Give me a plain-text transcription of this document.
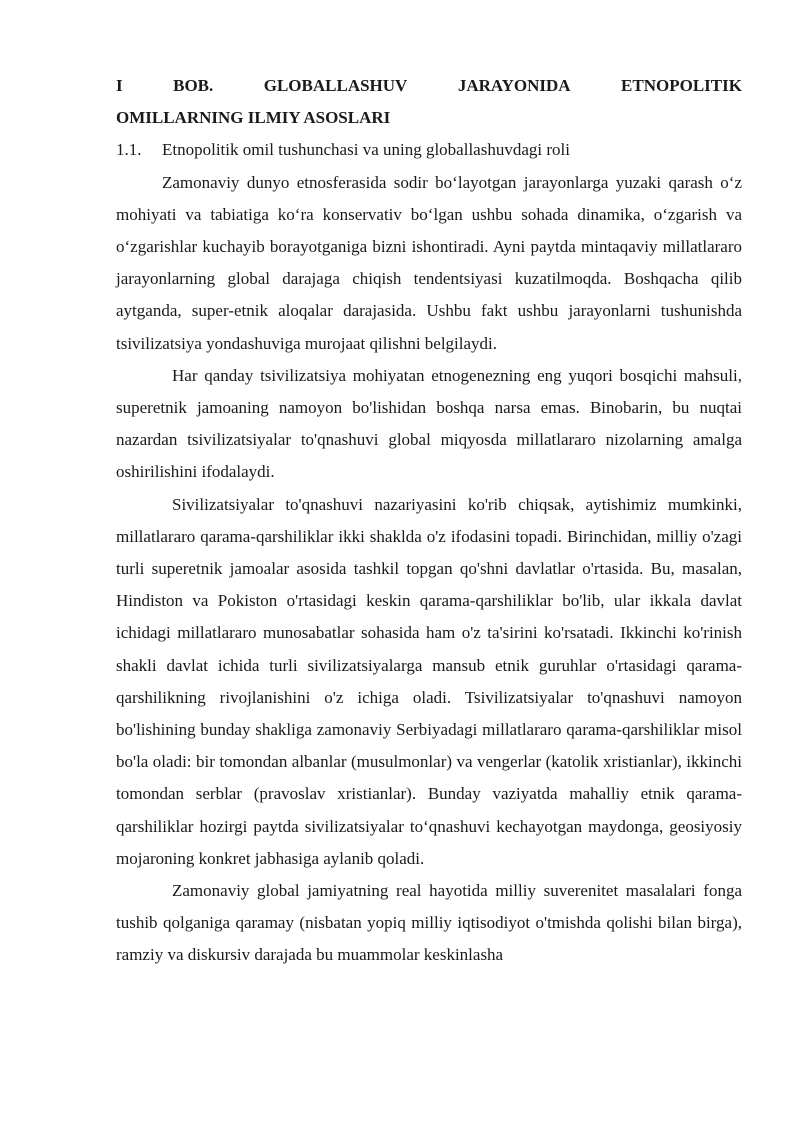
I	BOB.	GLOBALLASHUV	JARAYONIDA	ETNOPOLITIK
OMILLARNING ILMIY ASOSLARI
1.1.	Etnopolitik omil tushunchasi va uning globallashuvdagi roli

Zamonaviy dunyo etnosferasida sodir boʻlayotgan jarayonlarga yuzaki qarash oʻz mohiyati va tabiatiga koʻra konservativ boʻlgan ushbu sohada dinamika, oʻzgarish va oʻzgarishlar kuchayib borayotganiga bizni ishontiradi. Ayni paytda mintaqaviy millatlararo jarayonlarning global darajaga chiqish tendentsiyasi kuzatilmoqda. Boshqacha qilib aytganda, super-etnik aloqalar darajasida. Ushbu fakt ushbu jarayonlarni tushunishda tsivilizatsiya yondashuviga murojaat qilishni belgilaydi.

Har qanday tsivilizatsiya mohiyatan etnogenezning eng yuqori bosqichi mahsuli, superetnik jamoaning namoyon bo'lishidan boshqa narsa emas. Binobarin, bu nuqtai nazardan tsivilizatsiyalar to'qnashuvi global miqyosda millatlararo nizolarning amalga oshirilishini ifodalaydi.

Sivilizatsiyalar to'qnashuvi nazariyasini ko'rib chiqsak, aytishimiz mumkinki, millatlararo qarama-qarshiliklar ikki shaklda o'z ifodasini topadi. Birinchidan, milliy o'zagi turli superetnik jamoalar asosida tashkil topgan qo'shni davlatlar o'rtasida. Bu, masalan, Hindiston va Pokiston o'rtasidagi keskin qarama-qarshiliklar bo'lib, ular ikkala davlat ichidagi millatlararo munosabatlar sohasida ham o'z ta'sirini ko'rsatadi. Ikkinchi ko'rinish shakli davlat ichida turli sivilizatsiyalarga mansub etnik guruhlar o'rtasidagi qarama-qarshilikning rivojlanishini o'z ichiga oladi. Tsivilizatsiyalar to'qnashuvi namoyon bo'lishining bunday shakliga zamonaviy Serbiyadagi millatlararo qarama-qarshiliklar misol bo'la oladi: bir tomondan albanlar (musulmonlar) va vengerlar (katolik xristianlar), ikkinchi tomondan serblar (pravoslav xristianlar). Bunday vaziyatda mahalliy etnik qarama-qarshiliklar hozirgi paytda sivilizatsiyalar toʻqnashuvi kechayotgan maydonga, geosiyosiy mojaroning konkret jabhasiga aylanib qoladi.

Zamonaviy global jamiyatning real hayotida milliy suverenitet masalalari fonga tushib qolganiga qaramay (nisbatan yopiq milliy iqtisodiyot o'tmishda qolishi bilan birga), ramziy va diskursiv darajada bu muammolar keskinlasha
